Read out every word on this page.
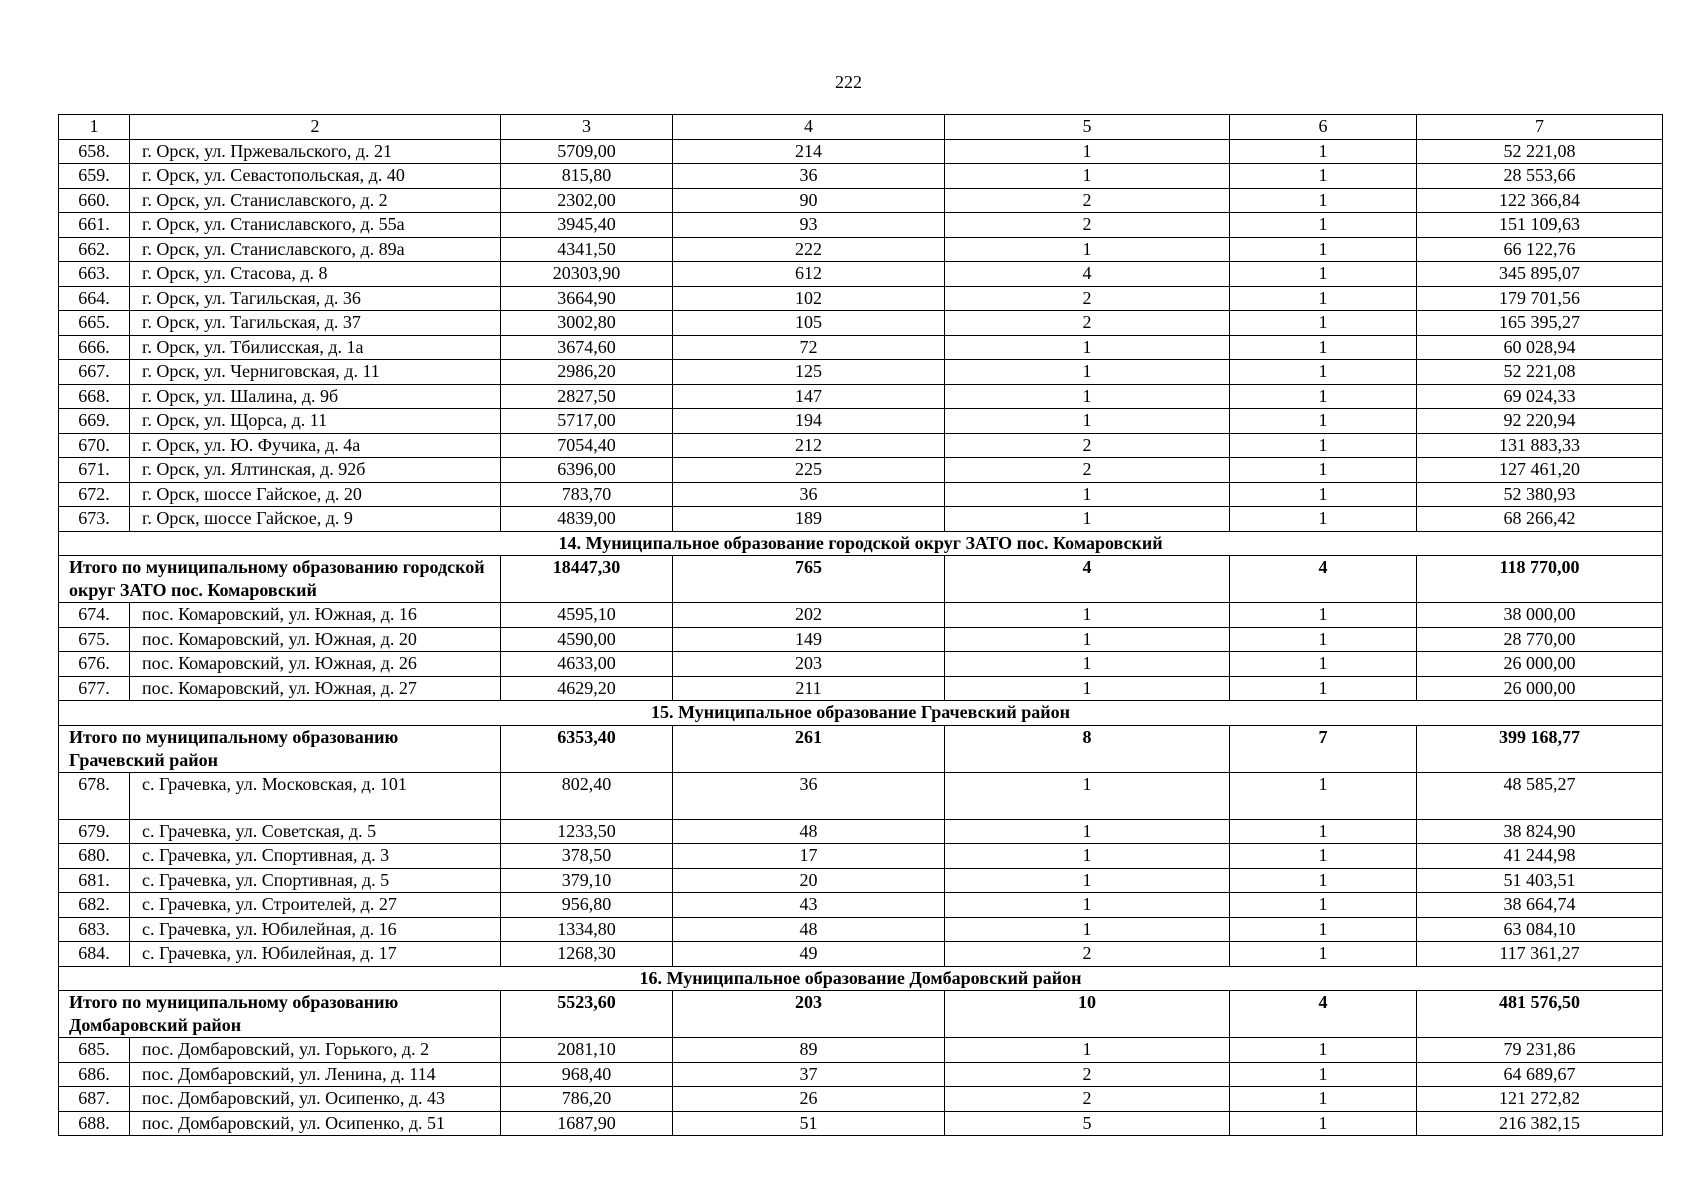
222
1	2	3	4	5	6	7
658.	г. Орск, ул. Пржевальского, д. 21	5709,00	214	1	1	52 221,08
659.	г. Орск, ул. Севастопольская, д. 40	815,80	36	1	1	28 553,66
660.	г. Орск, ул. Станиславского, д. 2	2302,00	90	2	1	122 366,84
661.	г. Орск, ул. Станиславского, д. 55а	3945,40	93	2	1	151 109,63
662.	г. Орск, ул. Станиславского, д. 89а	4341,50	222	1	1	66 122,76
663.	г. Орск, ул. Стасова, д. 8	20303,90	612	4	1	345 895,07
664.	г. Орск, ул. Тагильская, д. 36	3664,90	102	2	1	179 701,56
665.	г. Орск, ул. Тагильская, д. 37	3002,80	105	2	1	165 395,27
666.	г. Орск, ул. Тбилисская, д. 1а	3674,60	72	1	1	60 028,94
667.	г. Орск, ул. Черниговская, д. 11	2986,20	125	1	1	52 221,08
668.	г. Орск, ул. Шалина, д. 9б	2827,50	147	1	1	69 024,33
669.	г. Орск, ул. Щорса, д. 11	5717,00	194	1	1	92 220,94
670.	г. Орск, ул. Ю. Фучика, д. 4а	7054,40	212	2	1	131 883,33
671.	г. Орск, ул. Ялтинская, д. 92б	6396,00	225	2	1	127 461,20
672.	г. Орск, шоссе Гайское, д. 20	783,70	36	1	1	52 380,93
673.	г. Орск, шоссе Гайское, д. 9	4839,00	189	1	1	68 266,42
14. Муниципальное образование городской округ ЗАТО пос. Комаровский						
Итого по муниципальному образованию городской округ ЗАТО пос. Комаровский		18447,30	765	4	4	118 770,00
674.	пос. Комаровский, ул. Южная, д. 16	4595,10	202	1	1	38 000,00
675.	пос. Комаровский, ул. Южная, д. 20	4590,00	149	1	1	28 770,00
676.	пос. Комаровский, ул. Южная, д. 26	4633,00	203	1	1	26 000,00
677.	пос. Комаровский, ул. Южная, д. 27	4629,20	211	1	1	26 000,00
15. Муниципальное образование Грачевский район						
Итого по муниципальному образованию Грачевский район		6353,40	261	8	7	399 168,77
678.	с. Грачевка, ул. Московская, д. 101	802,40	36	1	1	48 585,27
679.	с. Грачевка, ул. Советская, д. 5	1233,50	48	1	1	38 824,90
680.	с. Грачевка, ул. Спортивная, д. 3	378,50	17	1	1	41 244,98
681.	с. Грачевка, ул. Спортивная, д. 5	379,10	20	1	1	51 403,51
682.	с. Грачевка, ул. Строителей, д. 27	956,80	43	1	1	38 664,74
683.	с. Грачевка, ул. Юбилейная, д. 16	1334,80	48	1	1	63 084,10
684.	с. Грачевка, ул. Юбилейная, д. 17	1268,30	49	2	1	117 361,27
16. Муниципальное образование Домбаровский район						
Итого по муниципальному образованию Домбаровский район		5523,60	203	10	4	481 576,50
685.	пос. Домбаровский, ул. Горького, д. 2	2081,10	89	1	1	79 231,86
686.	пос. Домбаровский, ул. Ленина, д. 114	968,40	37	2	1	64 689,67
687.	пос. Домбаровский, ул. Осипенко, д. 43	786,20	26	2	1	121 272,82
688.	пос. Домбаровский, ул. Осипенко, д. 51	1687,90	51	5	1	216 382,15
